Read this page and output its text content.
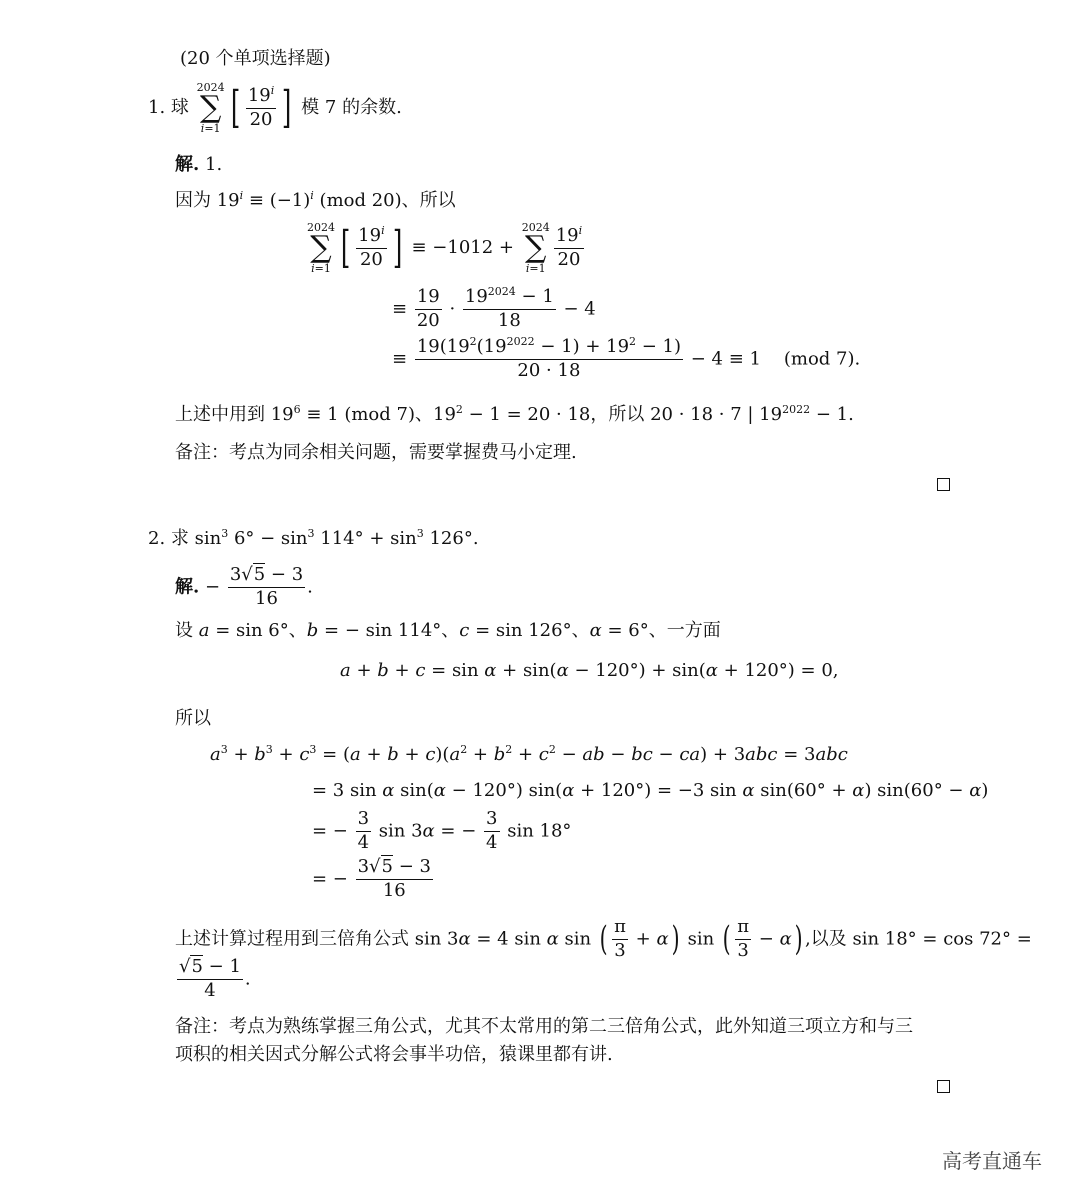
(20 个单项选择题)
1. 球
2024
∑
i=1 [ $\frac{19^i}{20}$ ] 模 7 的余数.
解. 1.
因为 $19^i \equiv (-1)^i$ (mod 20)、所以
2024
∑
i=1 [ $\frac{19^i}{20}$ ] ≡ −1012 +
2024
∑
$i=1 \frac{19^i}{20}$
≡ $\frac{19}{20} \cdot \frac{19^{2024} - 1}{18} - 4$
≡ $\frac{19(19^2(19^{2022} - 1) + 19^2 - 1)}{20 \cdot 18} - 4 \equiv 1$    (mod 7).
上述中用到 $19^6 \equiv 1$ (mod 7)、$19^2 - 1 = 20 \cdot 18$，所以 20 · 18 · 7 | $19^{2022} - 1$.
备注：考点为同余相关问题，需要掌握费马小定理.
2. 求 $\sin^3 6^\circ - \sin^3 114^\circ + \sin^3 126^\circ$.
解. − $\frac{3√5 - 3}{16}$ .
设 a = sin 6°、b = − sin 114°、c = sin 126°、α = 6°、一方面
a + b + c = sin α + sin(α − 120°) + sin(α + 120°) = 0,
所以
$a^3 + b^3 + c^3 = (a + b + c)(a^2 + b^2 + c^2$ − ab − bc − ca) + 3abc = 3abc
= 3 sin α sin(α − 120°) sin(α + 120°) = −3 sin α sin(60° + α) sin(60° − α)
= − $\frac{3}{4}$ sin 3α = − $\frac{3}{4}$ sin 18°
= − $\frac{3√5 - 3}{16}$
上述计算过程用到三倍角公式 sin 3α = 4 sin α sin ( $\frac{\pi}{3} + \alpha$) sin ( $\frac{\pi}{3} - \alpha$) ,以及 sin 18° = cos 72° =
$\frac{√5 - 1}{4}$ .
备注：考点为熟练掌握三角公式，尤其不太常用的第二三倍角公式，此外知道三项立方和与三
项积的相关因式分解公式将会事半功倍，猿课里都有讲.
高考直通车
